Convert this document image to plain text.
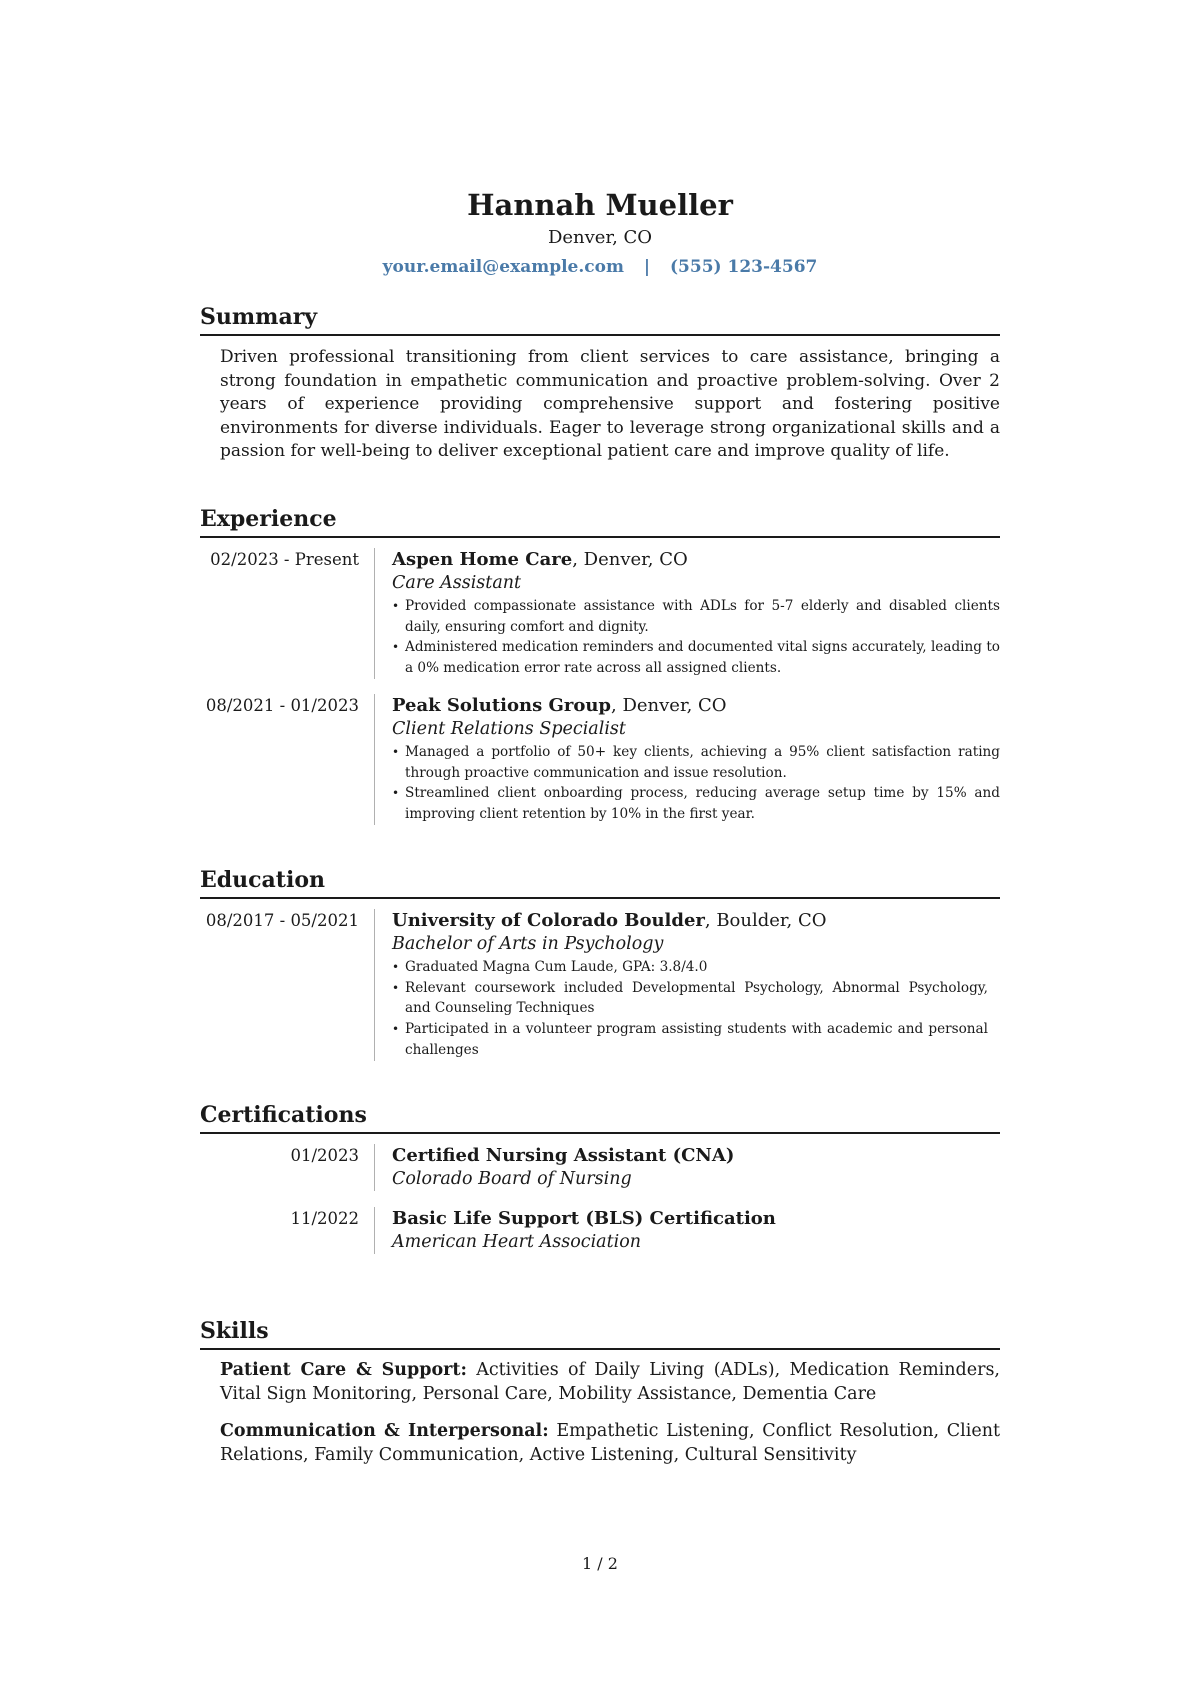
Hannah Mueller
Denver, CO
your.email@example.com | (555) 123-4567
Summary

Driven professional transitioning from client services to care assistance, bringing a strong foundation in empathetic communication and proactive problem-solving. Over 2 years of experience providing comprehensive support and fostering positive environments for diverse individuals. Eager to leverage strong organizational skills and a passion for well-being to deliver exceptional patient care and improve quality of life.

Experience
02/2023 - Present	Aspen Home Care, Denver, CO
Care Assistant
• Provided compassionate assistance with ADLs for 5-7 elderly and disabled clients daily, ensuring comfort and dignity.
• Administered medication reminders and documented vital signs accurately, leading to a 0% medication error rate across all assigned clients.
08/2021 - 01/2023	Peak Solutions Group, Denver, CO
Client Relations Specialist
• Managed a portfolio of 50+ key clients, achieving a 95% client satisfaction rating through proactive communication and issue resolution.
• Streamlined client onboarding process, reducing average setup time by 15% and improving client retention by 10% in the first year.
Education
08/2017 - 05/2021	University of Colorado Boulder, Boulder, CO
Bachelor of Arts in Psychology
• Graduated Magna Cum Laude, GPA: 3.8/4.0
• Relevant coursework included Developmental Psychology, Abnormal Psychology, and Counseling Techniques
• Participated in a volunteer program assisting students with academic and personal challenges
Certifications
01/2023	Certified Nursing Assistant (CNA)
Colorado Board of Nursing
11/2022	Basic Life Support (BLS) Certification
American Heart Association
Skills

Patient Care & Support: Activities of Daily Living (ADLs), Medication Reminders, Vital Sign Monitoring, Personal Care, Mobility Assistance, Dementia Care

Communication & Interpersonal: Empathetic Listening, Conflict Resolution, Client Relations, Family Communication, Active Listening, Cultural Sensitivity

1 / 2
